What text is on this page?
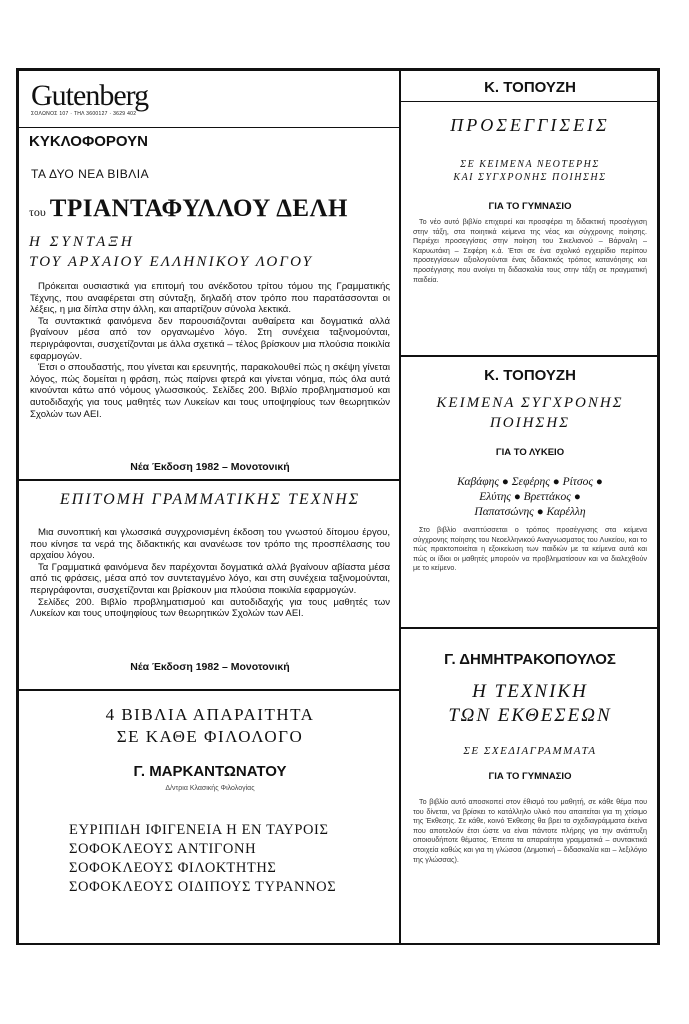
Gutenberg
ΣΟΛΩΝΟΣ 107 · ΤΗΛ 3600127 · 3629 402
ΚΥΚΛΟΦΟΡΟΥΝ
ΤΑ ΔΥΟ ΝΕΑ ΒΙΒΛΙΑ
του ΤΡΙΑΝΤΑΦΥΛΛΟΥ ΔΕΛΗ
Η ΣΥΝΤΑΞΗ
ΤΟΥ ΑΡΧΑΙΟΥ ΕΛΛΗΝΙΚΟΥ ΛΟΓΟΥ

Πρόκειται ουσιαστικά για επιτομή του ανέκδοτου τρίτου τόμου της Γραμματικής Τέχνης, που αναφέρεται στη σύνταξη, δηλαδή στον τρόπο που παρατάσσονται οι λέξεις, η μια δίπλα στην άλλη, και απαρτίζουν σύνολα λεκτικά.

Τα συντακτικά φαινόμενα δεν παρουσιάζονται αυθαίρετα και δογματικά αλλά βγαίνουν μέσα από τον οργανωμένο λόγο. Στη συνέχεια ταξινομούνται, περιγράφονται, συσχετίζονται με άλλα σχετικά – τέλος βρίσκουν μια πλούσια ποικιλία εφαρμογών.

Έτσι ο σπουδαστής, που γίνεται και ερευνητής, παρακολουθεί πώς η σκέψη γίνεται λόγος, πώς δομείται η φράση, πώς παίρνει φτερά και γίνεται νόημα, πώς όλα αυτά κινούνται κάτω από νόμους γλωσσικούς. Σελίδες 200. Βιβλίο προβληματισμού και αυτοδιδαχής για τους μαθητές των Λυκείων και τους υποψηφίους των θεωρητικών Σχολών των ΑΕΙ.

Νέα Έκδοση 1982 – Μονοτονική
ΕΠΙΤΟΜΗ ΓΡΑΜΜΑΤΙΚΗΣ ΤΕΧΝΗΣ

Μια συνοπτική και γλωσσικά συγχρονισμένη έκδοση του γνωστού δίτομου έργου, που κίνησε τα νερά της διδακτικής και ανανέωσε τον τρόπο της προσπέλασης του αρχαίου λόγου.

Τα Γραμματικά φαινόμενα δεν παρέχονται δογματικά αλλά βγαίνουν αβίαστα μέσα από τις φράσεις, μέσα από τον συντεταγμένο λόγο, και στη συνέχεια ταξινομούνται, περιγράφονται, συσχετίζονται και βρίσκουν μια πλούσια ποικιλία εφαρμογών.

Σελίδες 200. Βιβλίο προβληματισμού και αυτοδιδαχής για τους μαθητές των Λυκείων και τους υποψηφίους των θεωρητικών Σχολών των ΑΕΙ.

Νέα Έκδοση 1982 – Μονοτονική
4 ΒΙΒΛΙΑ ΑΠΑΡΑΙΤΗΤΑ
ΣΕ ΚΑΘΕ ΦΙΛΟΛΟΓΟ
Γ. ΜΑΡΚΑΝΤΩΝΑΤΟΥ
Δ/ντρια Κλασικής Φιλολογίας
ΕΥΡΙΠΙΔΗ ΙΦΙΓΕΝΕΙΑ Η ΕΝ ΤΑΥΡΟΙΣ
ΣΟΦΟΚΛΕΟΥΣ ΑΝΤΙΓΟΝΗ
ΣΟΦΟΚΛΕΟΥΣ ΦΙΛΟΚΤΗΤΗΣ
ΣΟΦΟΚΛΕΟΥΣ ΟΙΔΙΠΟΥΣ ΤΥΡΑΝΝΟΣ
Κ. ΤΟΠΟΥΖΗ
ΠΡΟΣΕΓΓΙΣΕΙΣ
ΣΕ ΚΕΙΜΕΝΑ ΝΕΟΤΕΡΗΣ
ΚΑΙ ΣΥΓΧΡΟΝΗΣ ΠΟΙΗΣΗΣ
ΓΙΑ ΤΟ ΓΥΜΝΑΣΙΟ
Το νέο αυτό βιβλίο επιχειρεί και προσφέρει τη διδακτική προσέγγιση στην τάξη, στα ποιητικά κείμενα της νέας και σύγχρονης ποίησης. Περιέχει προσεγγίσεις στην ποίηση του Σικελιανού – Βάρναλη – Καρυωτάκη – Σεφέρη κ.ά. Έτσι σε ένα σχολικό εγχειρίδιο περίπου προσεγγίσεων αξιολογούνται ένας διδακτικός τρόπος κατανόησης και προσέγγισης που ανοίγει τη διδασκαλία τους στην τάξη σε πραγματική παιδεία.
Κ. ΤΟΠΟΥΖΗ
ΚΕΙΜΕΝΑ ΣΥΓΧΡΟΝΗΣ
ΠΟΙΗΣΗΣ
ΓΙΑ ΤΟ ΛΥΚΕΙΟ
Καβάφης ● Σεφέρης ● Ρίτσος ●
Ελύτης ● Βρεττάκος ●
Παπατσώνης ● Καρέλλη
Στο βιβλίο αναπτύσσεται ο τρόπος προσέγγισης στα κείμενα σύγχρονης ποίησης του Νεοελληνικού Αναγνωσματος του Λυκείου, και το πώς πρακτοποιείται η εξοικείωση των παιδιών με τα κείμενα αυτά και πώς οι ίδιοι οι μαθητές μπορούν να προβληματίσουν και να διαλεχθούν με το κείμενο.
Γ. ΔΗΜΗΤΡΑΚΟΠΟΥΛΟΣ
Η ΤΕΧΝΙΚΗ
ΤΩΝ ΕΚΘΕΣΕΩΝ
ΣΕ ΣΧΕΔΙΑΓΡΑΜΜΑΤΑ
ΓΙΑ ΤΟ ΓΥΜΝΑΣΙΟ
Το βιβλίο αυτό αποσκοπεί στον έθισμό του μαθητή, σε κάθε θέμα που του δίνεται, να βρίσκει το κατάλληλο υλικό που απαιτείται για τη χτίσιμο της Έκθεσης. Σε κάθε, κοινό Έκθεσης θα βρει τα σχεδιαγράμματα έκείνα που αποτελούν έτσι ώστε να είναι πάντοτε πλήρης για την ανάπτυξη οποιουδήποτε θέματος. Έπειτα τα απαραίτητα γραμματικά – συντακτικά στοιχεία καθώς και για τη γλώσσα (Δημοτική – διδασκαλία και – λεξιλόγιο της γλώσσας).
